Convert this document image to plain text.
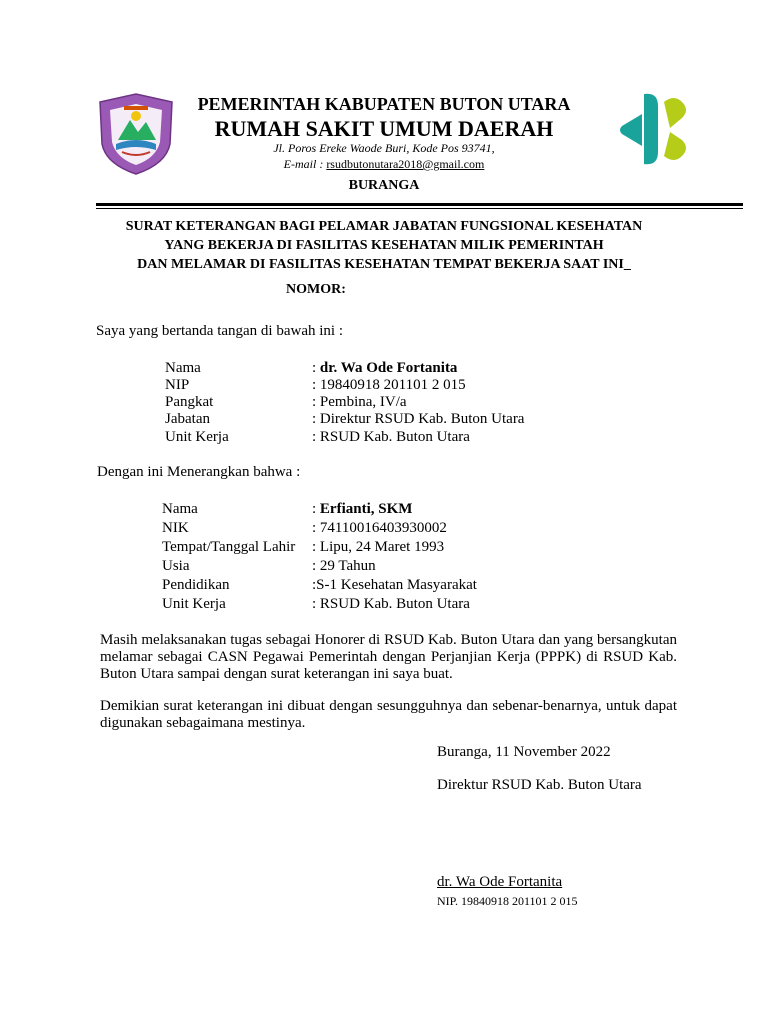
PEMERINTAH KABUPATEN BUTON UTARA
RUMAH SAKIT UMUM DAERAH
Jl. Poros Ereke Waode Buri, Kode Pos 93741,
E-mail : rsudbutonutara2018@gmail.com
BURANGA
SURAT KETERANGAN BAGI PELAMAR JABATAN FUNGSIONAL KESEHATAN
YANG BEKERJA DI FASILITAS KESEHATAN MILIK PEMERINTAH
DAN MELAMAR DI FASILITAS KESEHATAN TEMPAT BEKERJA SAAT INI_
NOMOR:
Saya yang bertanda tangan di bawah ini :
Nama	: dr. Wa Ode Fortanita
NIP	: 19840918 201101 2 015
Pangkat	: Pembina, IV/a
Jabatan	: Direktur RSUD Kab. Buton Utara
Unit Kerja	: RSUD Kab. Buton Utara
Dengan ini Menerangkan bahwa :
Nama	: Erfianti, SKM
NIK	: 74110016403930002
Tempat/Tanggal Lahir : Lipu, 24 Maret 1993
Usia	: 29 Tahun
Pendidikan	:S-1 Kesehatan Masyarakat
Unit Kerja	: RSUD Kab. Buton Utara
Masih melaksanakan tugas sebagai Honorer di RSUD Kab. Buton Utara dan yang bersangkutan melamar sebagai CASN Pegawai Pemerintah dengan Perjanjian Kerja (PPPK) di RSUD Kab. Buton Utara sampai dengan surat keterangan ini saya buat.
Demikian surat keterangan ini dibuat dengan sesungguhnya dan sebenar-benarnya, untuk dapat digunakan sebagaimana mestinya.
Buranga, 11 November 2022
Direktur RSUD Kab. Buton Utara
dr. Wa Ode Fortanita
NIP. 19840918 201101 2 015
